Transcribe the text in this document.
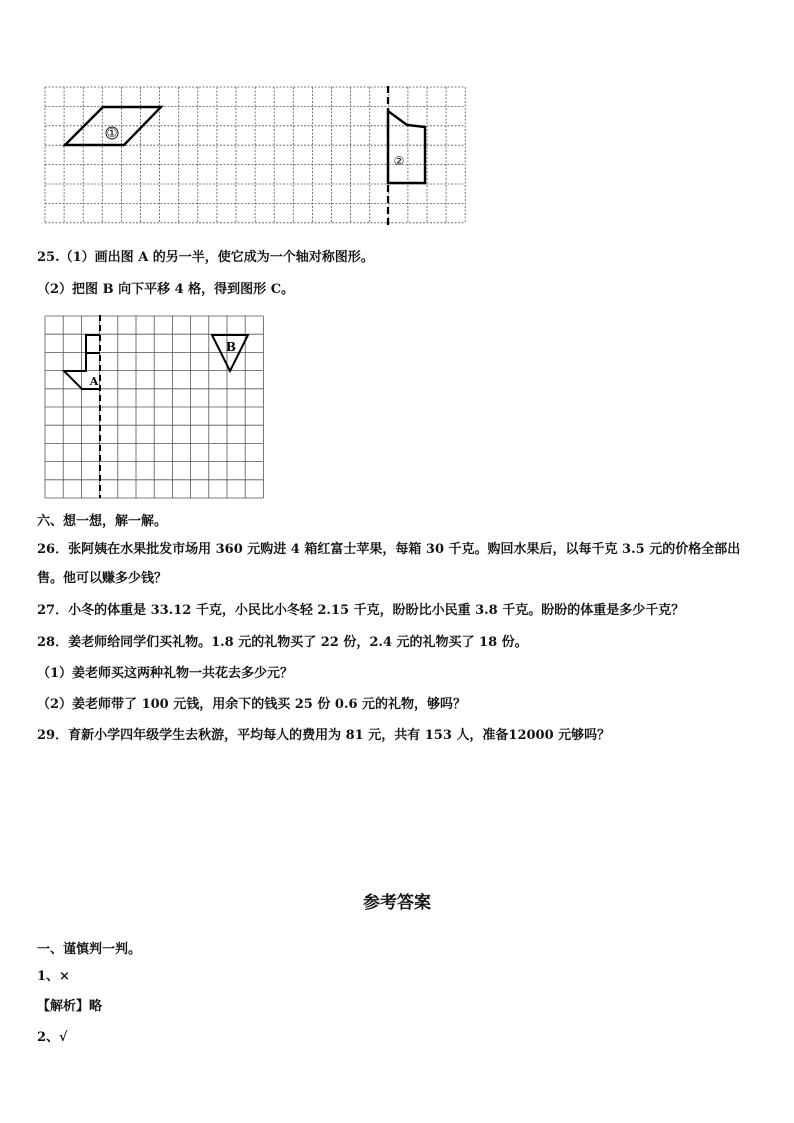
①
②
25.（1）画出图 A 的另一半，使它成为一个轴对称图形。
（2）把图 B 向下平移 4 格，得到图形 C。
A
B
六、想一想，解一解。
26．张阿姨在水果批发市场用 360 元购进 4 箱红富士苹果，每箱 30 千克。购回水果后，以每千克 3.5 元的价格全部出
售。他可以赚多少钱？
27．小冬的体重是 33.12 千克，小民比小冬轻 2.15 千克，盼盼比小民重 3.8 千克。盼盼的体重是多少千克？
28．姜老师给同学们买礼物。1.8 元的礼物买了 22 份，2.4 元的礼物买了 18 份。
（1）姜老师买这两种礼物一共花去多少元？
（2）姜老师带了 100 元钱，用余下的钱买 25 份 0.6 元的礼物，够吗？
29．育新小学四年级学生去秋游，平均每人的费用为 81 元，共有 153 人，准备12000 元够吗？
参考答案
一、谨慎判一判。
1、×
【解析】略
2、√
